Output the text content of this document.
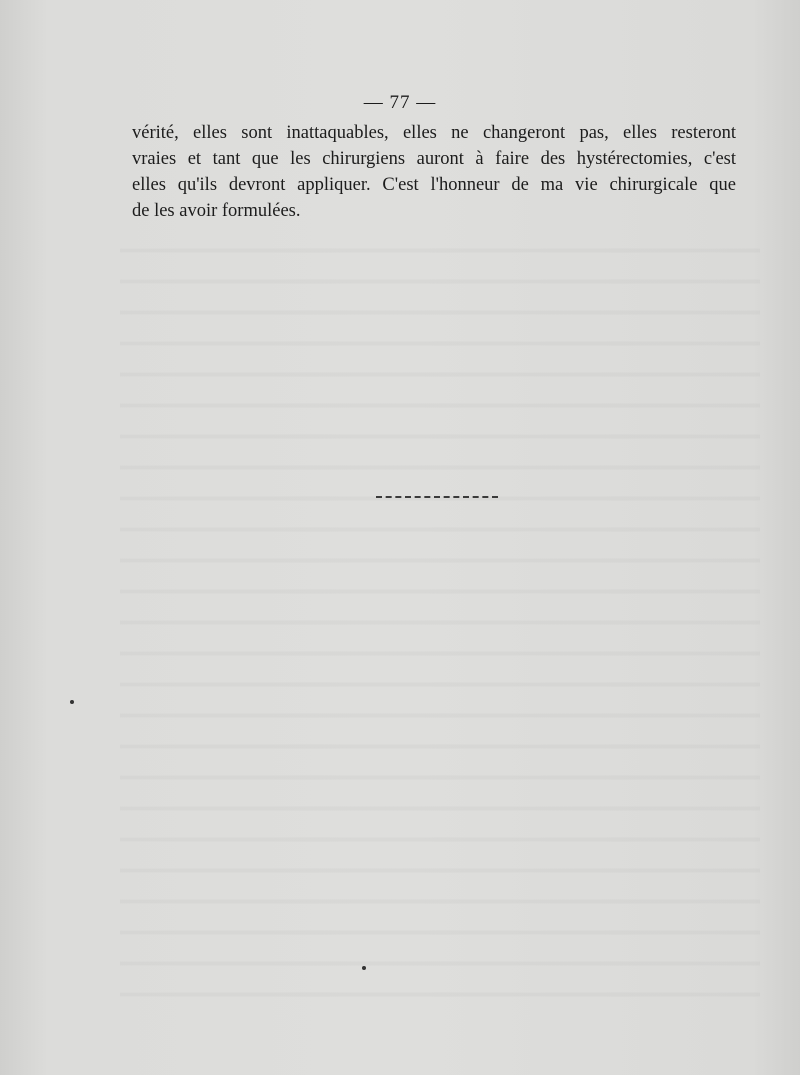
— 77 —
vérité, elles sont inattaquables, elles ne changeront pas, elles resteront
vraies et tant que les chirurgiens auront à faire des hystérectomies, c'est
elles qu'ils devront appliquer. C'est l'honneur de ma vie chirurgicale que
de les avoir formulées.
